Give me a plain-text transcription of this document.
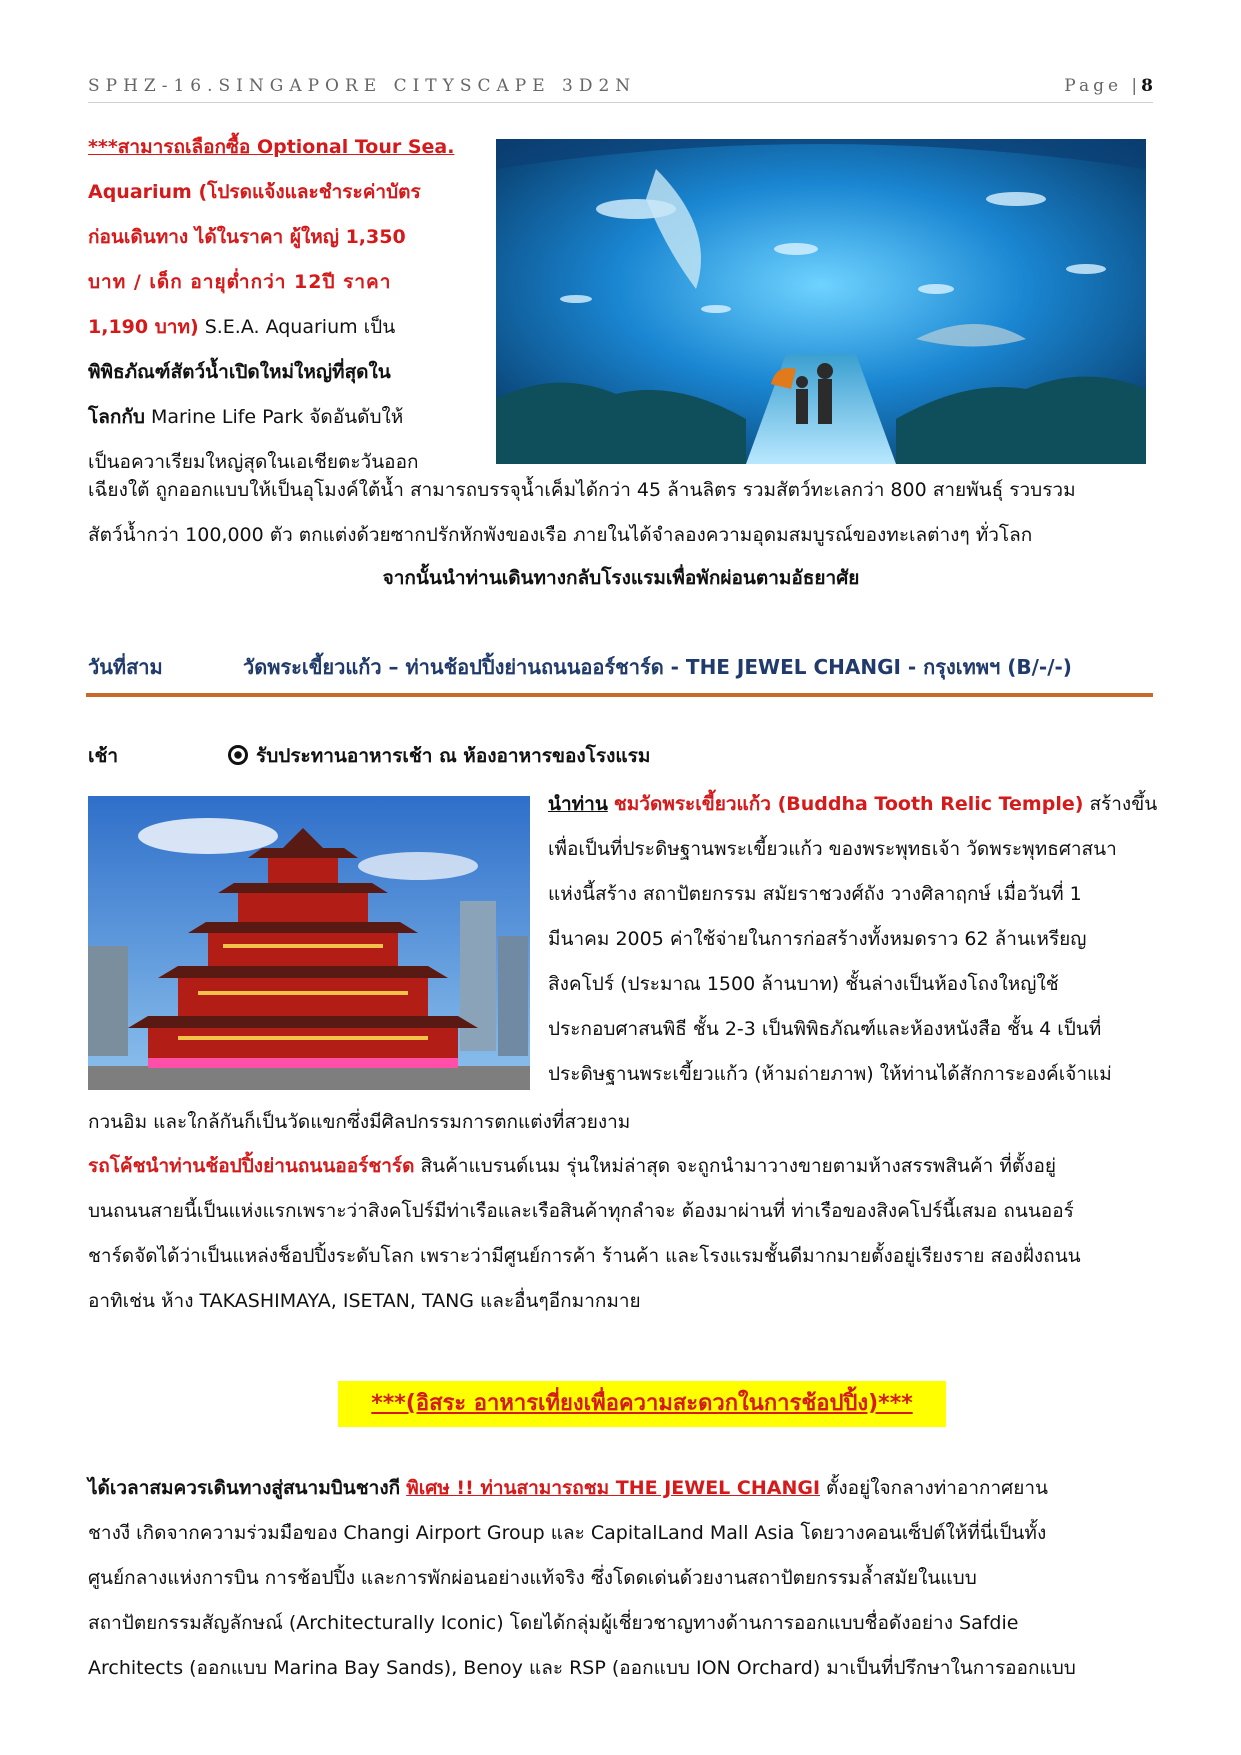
SPHZ-16.SINGAPORE CITYSCAPE 3D2N	Page |8
***สามารถเลือกซื้อ Optional Tour Sea.
Aquarium (โปรดแจ้งและชำระค่าบัตร
ก่อนเดินทาง ได้ในราคา ผู้ใหญ่ 1,350
บาท / เด็ก อายุต่ำกว่า 12ปี ราคา
1,190 บาท) S.E.A. Aquarium เป็น
พิพิธภัณฑ์สัตว์น้ำเปิดใหม่ใหญ่ที่สุดใน
โลกกับ Marine Life Park จัดอันดับให้
เป็นอควาเรียมใหญ่สุดในเอเชียตะวันออก
เฉียงใต้ ถูกออกแบบให้เป็นอุโมงค์ใต้น้ำ สามารถบรรจุน้ำเค็มได้กว่า 45 ล้านลิตร รวมสัตว์ทะเลกว่า 800 สายพันธุ์ รวบรวม
สัตว์น้ำกว่า 100,000 ตัว ตกแต่งด้วยซากปรักหักพังของเรือ ภายในได้จำลองความอุดมสมบูรณ์ของทะเลต่างๆ ทั่วโลก
จากนั้นนำท่านเดินทางกลับโรงแรมเพื่อพักผ่อนตามอัธยาศัย
วันที่สาม	วัดพระเขี้ยวแก้ว – ท่านช้อปปิ้งย่านถนนออร์ชาร์ด - THE JEWEL CHANGI - กรุงเทพฯ (B/-/-)
เช้า	รับประทานอาหารเช้า ณ ห้องอาหารของโรงแรม
นำท่าน ชมวัดพระเขี้ยวแก้ว (Buddha Tooth Relic Temple) สร้างขึ้น
เพื่อเป็นที่ประดิษฐานพระเขี้ยวแก้ว ของพระพุทธเจ้า วัดพระพุทธศาสนา
แห่งนี้สร้าง สถาปัตยกรรม สมัยราชวงศ์ถัง วางศิลาฤกษ์ เมื่อวันที่ 1
มีนาคม 2005 ค่าใช้จ่ายในการก่อสร้างทั้งหมดราว 62 ล้านเหรียญ
สิงคโปร์ (ประมาณ 1500 ล้านบาท) ชั้นล่างเป็นห้องโถงใหญ่ใช้
ประกอบศาสนพิธี ชั้น 2-3 เป็นพิพิธภัณฑ์และห้องหนังสือ ชั้น 4 เป็นที่
ประดิษฐานพระเขี้ยวแก้ว (ห้ามถ่ายภาพ) ให้ท่านได้สักการะองค์เจ้าแม่
กวนอิม และใกล้กันก็เป็นวัดแขกซึ่งมีศิลปกรรมการตกแต่งที่สวยงาม
รถโค้ชนำท่านช้อปปิ้งย่านถนนออร์ชาร์ด สินค้าแบรนด์เนม รุ่นใหม่ล่าสุด จะถูกนำมาวางขายตามห้างสรรพสินค้า ที่ตั้งอยู่
บนถนนสายนี้เป็นแห่งแรกเพราะว่าสิงคโปร์มีท่าเรือและเรือสินค้าทุกลำจะ ต้องมาผ่านที่ ท่าเรือของสิงคโปร์นี้เสมอ ถนนออร์
ชาร์ดจัดได้ว่าเป็นแหล่งช็อปปิ้งระดับโลก เพราะว่ามีศูนย์การค้า ร้านค้า และโรงแรมชั้นดีมากมายตั้งอยู่เรียงราย สองฝั่งถนน
อาทิเช่น ห้าง TAKASHIMAYA, ISETAN, TANG และอื่นๆอีกมากมาย
***(อิสระ อาหารเที่ยงเพื่อความสะดวกในการช้อปปิ้ง)***
ได้เวลาสมควรเดินทางสู่สนามบินชางกี พิเศษ !! ท่านสามารถชม THE JEWEL CHANGI ตั้งอยู่ใจกลางท่าอากาศยาน
ชางงี เกิดจากความร่วมมือของ Changi Airport Group และ CapitalLand Mall Asia โดยวางคอนเซ็ปต์ให้ที่นี่เป็นทั้ง
ศูนย์กลางแห่งการบิน การช้อปปิ้ง และการพักผ่อนอย่างแท้จริง ซึ่งโดดเด่นด้วยงานสถาปัตยกรรมล้ำสมัยในแบบ
สถาปัตยกรรมสัญลักษณ์ (Architecturally Iconic) โดยได้กลุ่มผู้เชี่ยวชาญทางด้านการออกแบบชื่อดังอย่าง Safdie
Architects (ออกแบบ Marina Bay Sands), Benoy และ RSP (ออกแบบ ION Orchard) มาเป็นที่ปรึกษาในการออกแบบ
